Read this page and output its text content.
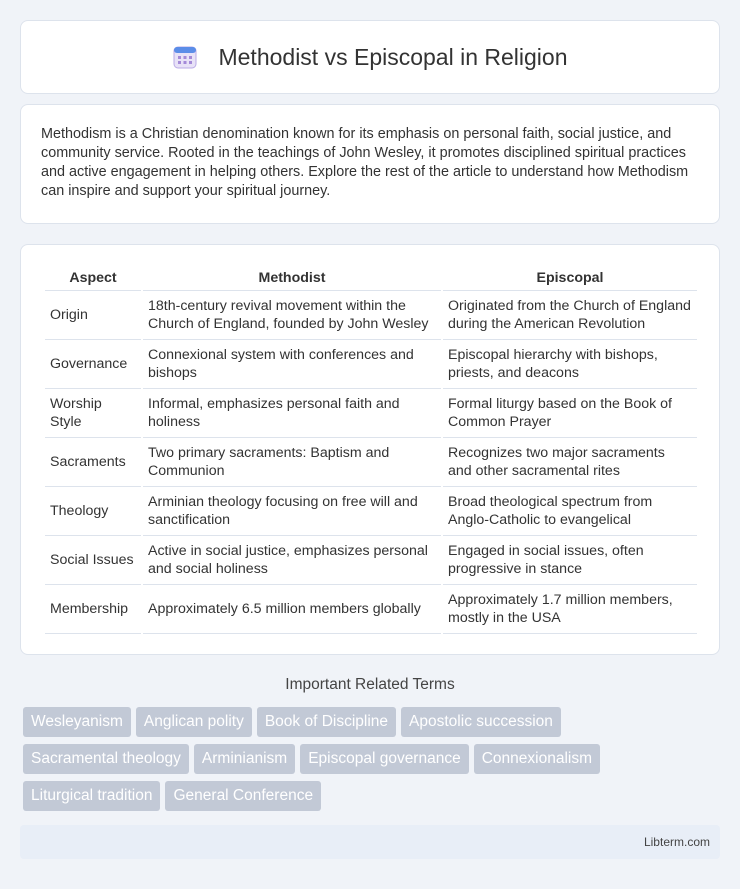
Methodist vs Episcopal in Religion

Methodism is a Christian denomination known for its emphasis on personal faith, social justice, and community service. Rooted in the teachings of John Wesley, it promotes disciplined spiritual practices and active engagement in helping others. Explore the rest of the article to understand how Methodism can inspire and support your spiritual journey.

Aspect	Methodist	Episcopal
Origin	18th-century revival movement within the Church of England, founded by John Wesley	Originated from the Church of England during the American Revolution
Governance	Connexional system with conferences and bishops	Episcopal hierarchy with bishops, priests, and deacons
Worship Style	Informal, emphasizes personal faith and holiness	Formal liturgy based on the Book of Common Prayer
Sacraments	Two primary sacraments: Baptism and Communion	Recognizes two major sacraments and other sacramental rites
Theology	Arminian theology focusing on free will and sanctification	Broad theological spectrum from Anglo-Catholic to evangelical
Social Issues	Active in social justice, emphasizes personal and social holiness	Engaged in social issues, often progressive in stance
Membership	Approximately 6.5 million members globally	Approximately 1.7 million members, mostly in the USA
Important Related Terms
Wesleyanism Anglican polity Book of Discipline Apostolic succession
Sacramental theology Arminianism Episcopal governance Connexionalism
Liturgical tradition General Conference
Libterm.com
